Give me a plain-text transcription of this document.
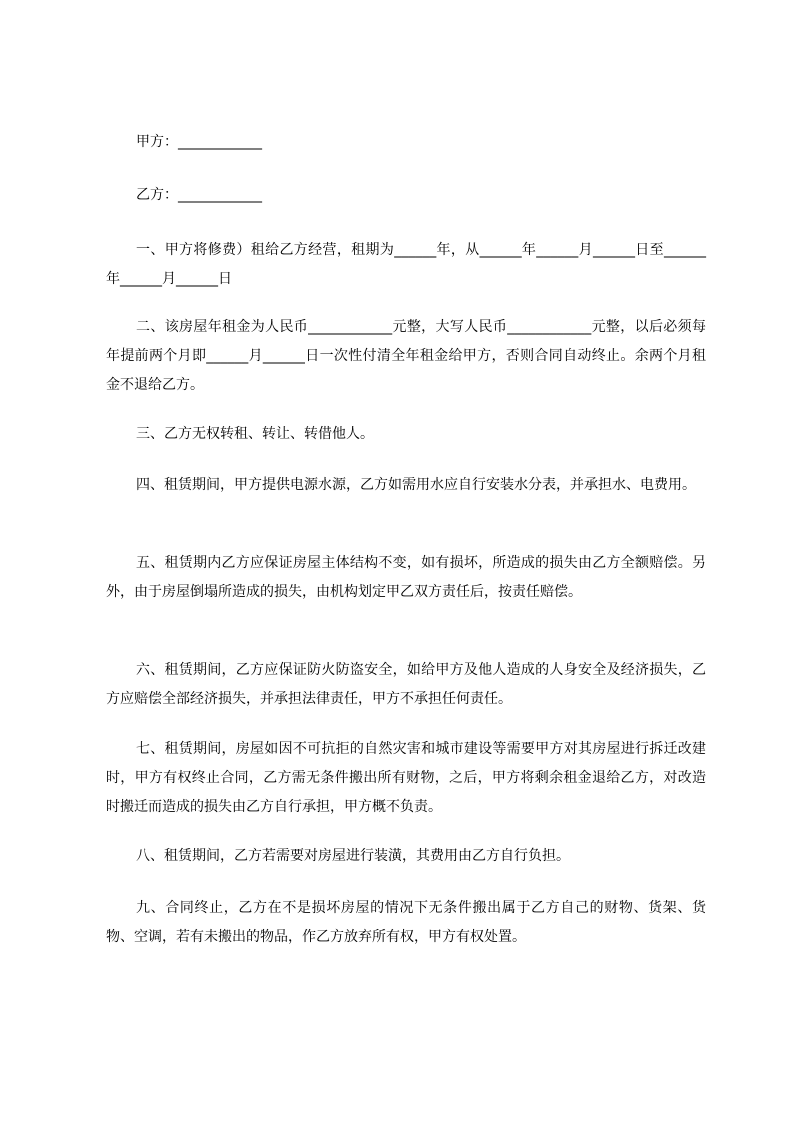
甲方：____________
乙方：____________

一、甲方将修费）租给乙方经营，租期为______年，从______年______月______日至______年______月______日

二、该房屋年租金为人民币____________元整，大写人民币____________元整，以后必须每年提前两个月即______月______日一次性付清全年租金给甲方，否则合同自动终止。余两个月租金不退给乙方。

三、乙方无权转租、转让、转借他人。

四、租赁期间，甲方提供电源水源，乙方如需用水应自行安装水分表，并承担水、电费用。

五、租赁期内乙方应保证房屋主体结构不变，如有损坏，所造成的损失由乙方全额赔偿。另外，由于房屋倒塌所造成的损失，由机构划定甲乙双方责任后，按责任赔偿。

六、租赁期间，乙方应保证防火防盗安全，如给甲方及他人造成的人身安全及经济损失，乙方应赔偿全部经济损失，并承担法律责任，甲方不承担任何责任。

七、租赁期间，房屋如因不可抗拒的自然灾害和城市建设等需要甲方对其房屋进行拆迁改建时，甲方有权终止合同，乙方需无条件搬出所有财物，之后，甲方将剩余租金退给乙方，对改造时搬迁而造成的损失由乙方自行承担，甲方概不负责。

八、租赁期间，乙方若需要对房屋进行装潢，其费用由乙方自行负担。

九、合同终止，乙方在不是损坏房屋的情况下无条件搬出属于乙方自己的财物、货架、货物、空调，若有未搬出的物品，作乙方放弃所有权，甲方有权处置。
